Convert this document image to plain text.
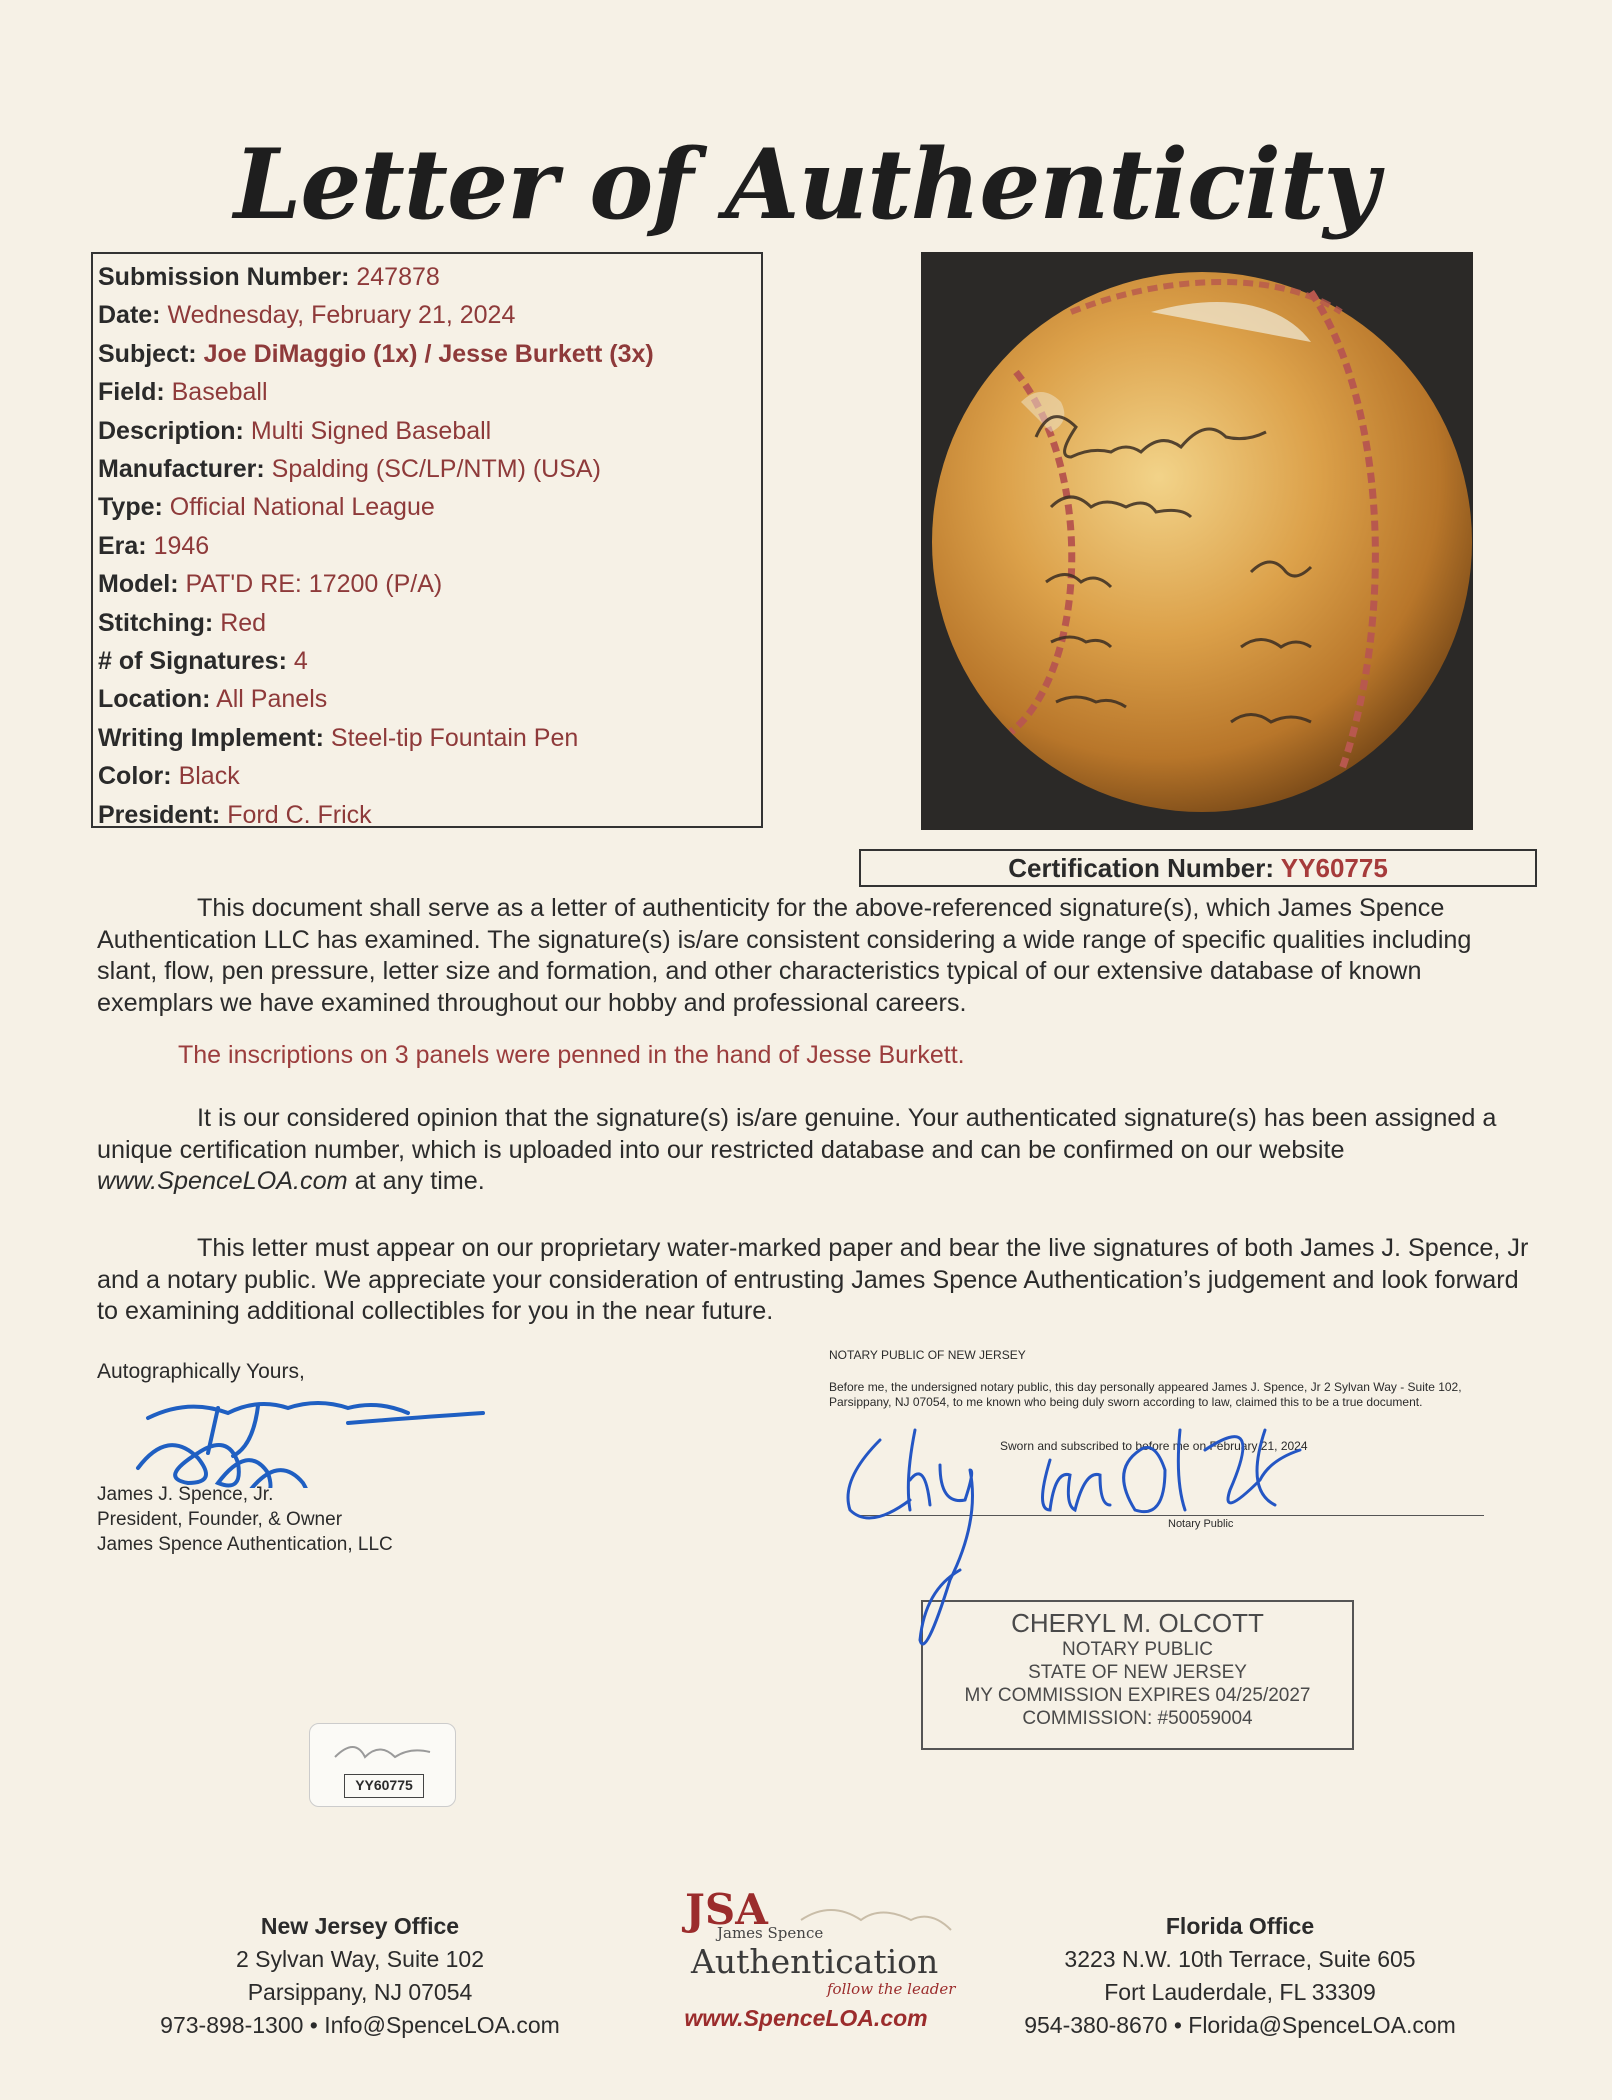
Letter of Authenticity
Submission Number: 247878
Date: Wednesday, February 21, 2024
Subject: Joe DiMaggio (1x) / Jesse Burkett (3x)
Field: Baseball
Description: Multi Signed Baseball
Manufacturer: Spalding (SC/LP/NTM) (USA)
Type: Official National League
Era: 1946
Model: PAT'D RE: 17200 (P/A)
Stitching: Red
# of Signatures: 4
Location: All Panels
Writing Implement: Steel-tip Fountain Pen
Color: Black
President: Ford C. Frick
Certification Number: YY60775
This document shall serve as a letter of authenticity for the above-referenced signature(s), which James Spence Authentication LLC has examined. The signature(s) is/are consistent considering a wide range of specific qualities including slant, flow, pen pressure, letter size and formation, and other characteristics typical of our extensive database of known exemplars we have examined throughout our hobby and professional careers.
The inscriptions on 3 panels were penned in the hand of Jesse Burkett.
It is our considered opinion that the signature(s) is/are genuine. Your authenticated signature(s) has been assigned a unique certification number, which is uploaded into our restricted database and can be confirmed on our website www.SpenceLOA.com at any time.
This letter must appear on our proprietary water-marked paper and bear the live signatures of both James J. Spence, Jr and a notary public. We appreciate your consideration of entrusting James Spence Authentication’s judgement and look forward to examining additional collectibles for you in the near future.
Autographically Yours,
James J. Spence, Jr.
President, Founder, & Owner
James Spence Authentication, LLC
NOTARY PUBLIC OF NEW JERSEY
Before me, the undersigned notary public, this day personally appeared James J. Spence, Jr 2 Sylvan Way - Suite 102, Parsippany, NJ 07054, to me known who being duly sworn according to law, claimed this to be a true document.
Sworn and subscribed to before me on February 21, 2024
Notary Public
CHERYL M. OLCOTT
NOTARY PUBLIC
STATE OF NEW JERSEY
MY COMMISSION EXPIRES 04/25/2027
COMMISSION: #50059004
YY60775
New Jersey Office
2 Sylvan Way, Suite 102
Parsippany, NJ 07054
973-898-1300 • Info@SpenceLOA.com
JSA
James Spence
Authentication
follow the leader
www.SpenceLOA.com
Florida Office
3223 N.W. 10th Terrace, Suite 605
Fort Lauderdale, FL 33309
954-380-8670 • Florida@SpenceLOA.com
